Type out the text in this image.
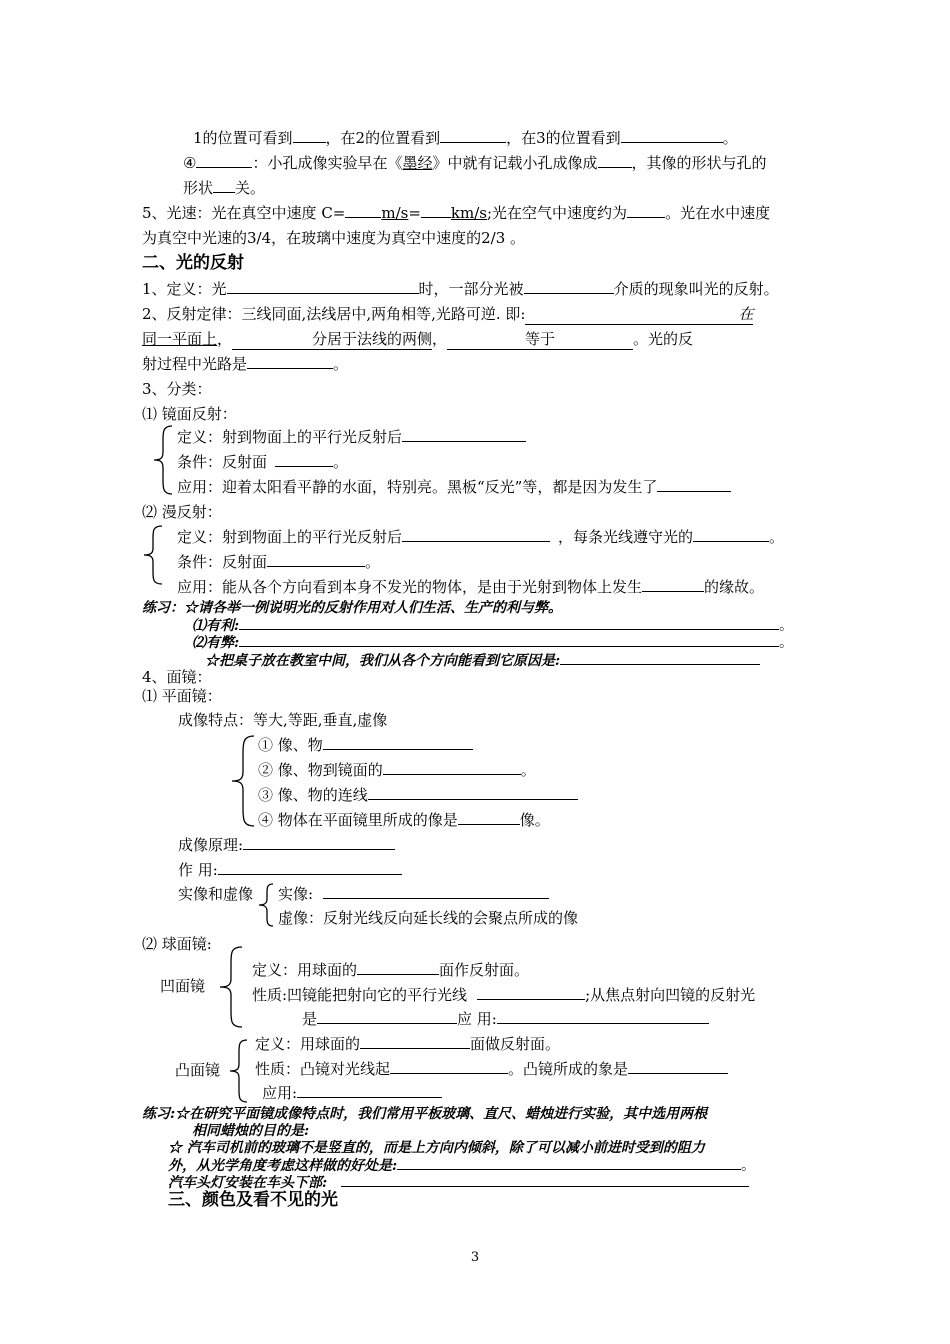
1的位置可看到 ，在2的位置看到	，在3的位置看到	。
④	：小孔成像实验早在《墨经》中就有记载小孔成像成 ，其像的形状与孔的
形状 关。
5、光速：光在真空中速度 C= m/s= km/s;光在空气中速度约为	。光在水中速度
为真空中光速的3/4，在玻璃中速度为真空中速度的2/3 。
二、光的反射
1、定义：光	时，一部分光被	介质的现象叫光的反射。
2、反射定律：三线同面,法线居中,两角相等,光路可逆. 即:	在
同一平面上，	分居于法线的两侧，	等于	。光的反
射过程中光路是	。
3、分类：
⑴ 镜面反射：
定义：射到物面上的平行光反射后
条件：反射面	。
应用：迎着太阳看平静的水面，特别亮。黑板“反光”等，都是因为发生了
⑵ 漫反射：
定义：射到物面上的平行光反射后	，每条光线遵守光的	。
条件：反射面	。
应用：能从各个方向看到本身不发光的物体，是由于光射到物体上发生	的缘故。
练习：☆请各举一例说明光的反射作用对人们生活、生产的利与弊。
⑴有利:	。
⑵有弊:	。
☆把桌子放在教室中间，我们从各个方向能看到它原因是:
4、面镜：
⑴ 平面镜：
成像特点：等大,等距,垂直,虚像
① 像、物
② 像、物到镜面的	。
③ 像、物的连线
④ 物体在平面镜里所成的像是	像。
成像原理:
作 用:
实像和虚像 实像:
虚像：反射光线反向延长线的会聚点所成的像
⑵ 球面镜:
凹面镜
定义：用球面的	面作反射面。
性质:凹镜能把射向它的平行光线	;从焦点射向凹镜的反射光
是	应 用:
凸面镜
定义：用球面的	面做反射面。
性质：凸镜对光线起	。凸镜所成的象是
应用:
练习:☆在研究平面镜成像特点时，我们常用平板玻璃、直尺、蜡烛进行实验，其中选用两根
相同蜡烛的目的是:
☆ 汽车司机前的玻璃不是竖直的，而是上方向内倾斜，除了可以减小前进时受到的阻力
外，从光学角度考虑这样做的好处是:	。
汽车头灯安装在车头下部:
三、颜色及看不见的光
3
